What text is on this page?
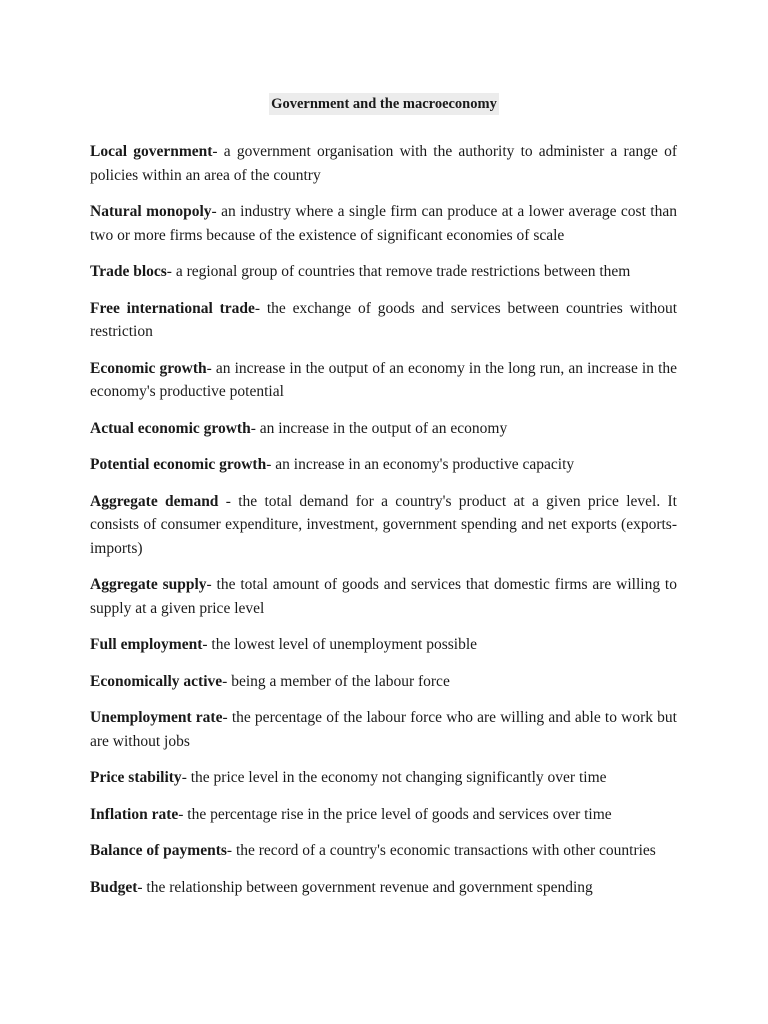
Government and the macroeconomy

Local government- a government organisation with the authority to administer a range of policies within an area of the country

Natural monopoly- an industry where a single firm can produce at a lower average cost than two or more firms because of the existence of significant economies of scale

Trade blocs- a regional group of countries that remove trade restrictions between them

Free international trade- the exchange of goods and services between countries without restriction

Economic growth- an increase in the output of an economy in the long run, an increase in the economy's productive potential

Actual economic growth- an increase in the output of an economy

Potential economic growth- an increase in an economy's productive capacity

Aggregate demand - the total demand for a country's product at a given price level. It consists of consumer expenditure, investment, government spending and net exports (exports-imports)

Aggregate supply- the total amount of goods and services that domestic firms are willing to supply at a given price level

Full employment- the lowest level of unemployment possible

Economically active- being a member of the labour force

Unemployment rate- the percentage of the labour force who are willing and able to work but are without jobs

Price stability- the price level in the economy not changing significantly over time

Inflation rate- the percentage rise in the price level of goods and services over time

Balance of payments- the record of a country's economic transactions with other countries

Budget- the relationship between government revenue and government spending
